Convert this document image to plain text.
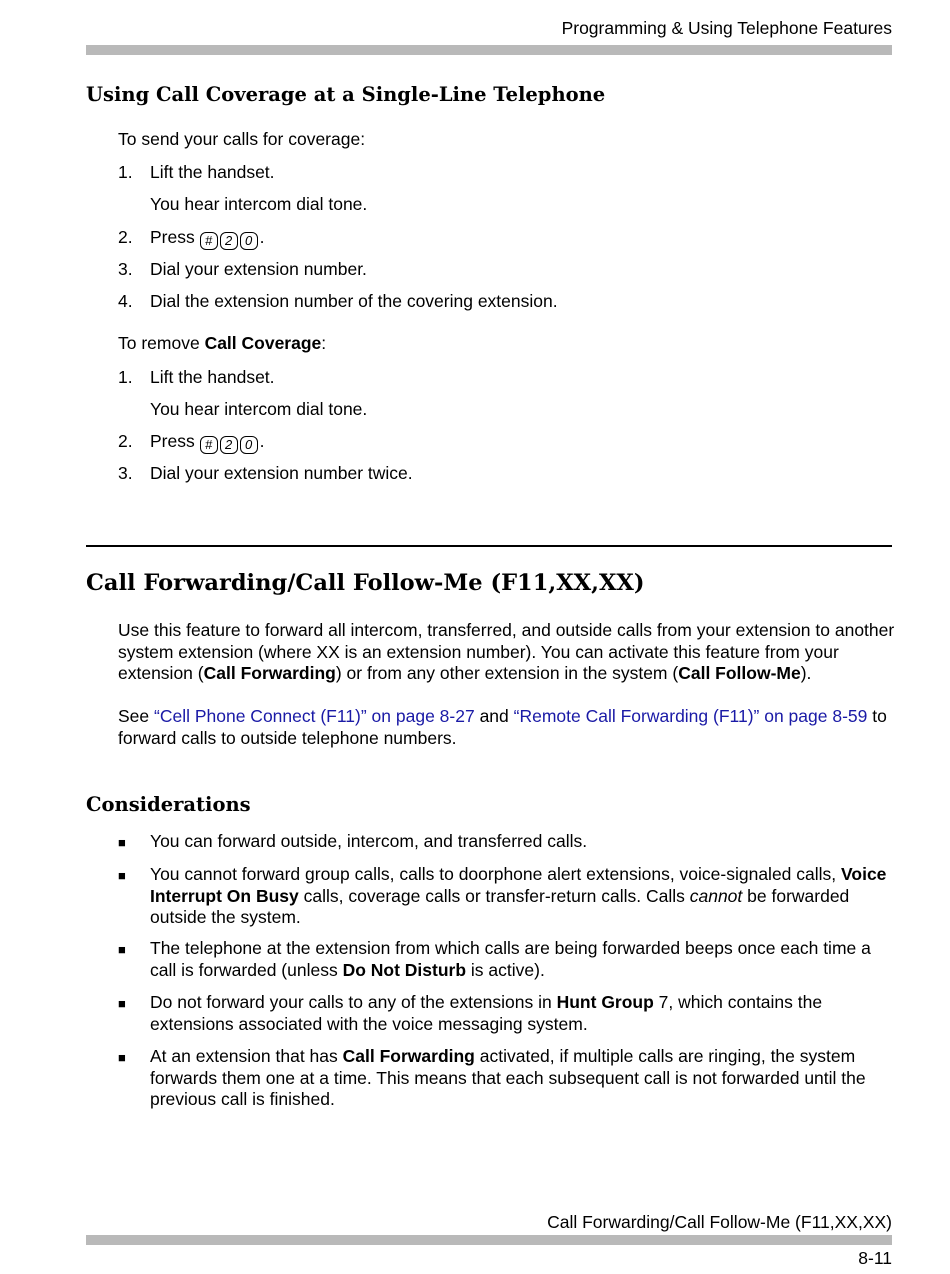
Programming & Using Telephone Features
Using Call Coverage at a Single-Line Telephone
To send your calls for coverage:
1. Lift the handset.
You hear intercom dial tone.
2. Press # 2 0 .
3. Dial your extension number.
4. Dial the extension number of the covering extension.
To remove Call Coverage:
1. Lift the handset.
You hear intercom dial tone.
2. Press # 2 0 .
3. Dial your extension number twice.
Call Forwarding/Call Follow-Me (F11,XX,XX)
Use this feature to forward all intercom, transferred, and outside calls from your extension to another system extension (where XX is an extension number). You can activate this feature from your extension (Call Forwarding) or from any other extension in the system (Call Follow-Me).
See “Cell Phone Connect (F11)” on page 8-27 and “Remote Call Forwarding (F11)” on page 8-59 to forward calls to outside telephone numbers.
Considerations
■ You can forward outside, intercom, and transferred calls.
■ You cannot forward group calls, calls to doorphone alert extensions, voice-signaled calls, Voice Interrupt On Busy calls, coverage calls or transfer-return calls. Calls cannot be forwarded outside the system.
■ The telephone at the extension from which calls are being forwarded beeps once each time a call is forwarded (unless Do Not Disturb is active).
■ Do not forward your calls to any of the extensions in Hunt Group 7, which contains the extensions associated with the voice messaging system.
■ At an extension that has Call Forwarding activated, if multiple calls are ringing, the system forwards them one at a time. This means that each subsequent call is not forwarded until the previous call is finished.
Call Forwarding/Call Follow-Me (F11,XX,XX)
8-11
